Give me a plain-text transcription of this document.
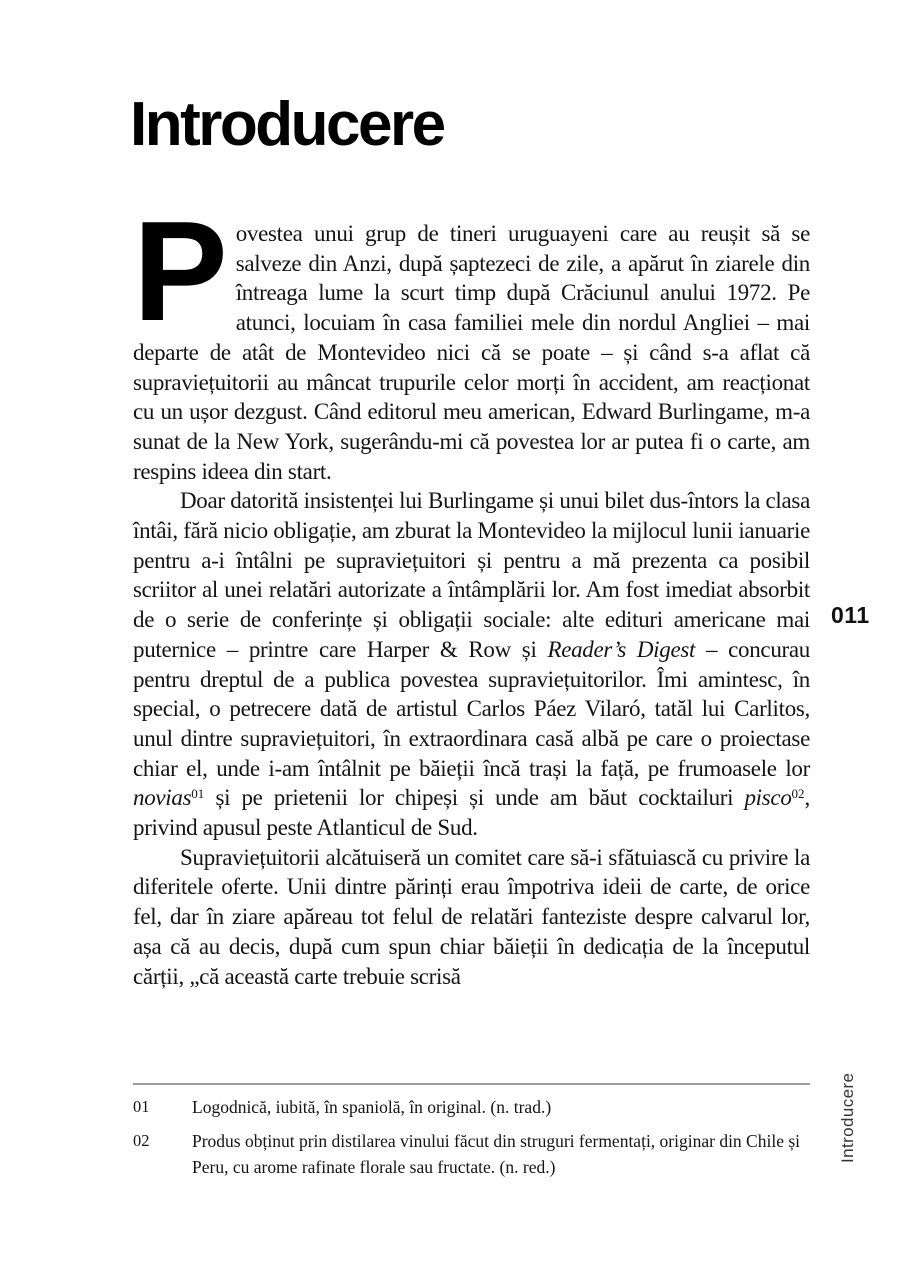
Introducere

Povestea unui grup de tineri uruguayeni care au reușit să se salveze din Anzi, după șaptezeci de zile, a apărut în ziarele din întreaga lume la scurt timp după Crăciunul anului 1972. Pe atunci, locuiam în casa familiei mele din nordul Angliei – mai departe de atât de Montevideo nici că se poate – și când s-a aflat că supraviețuitorii au mâncat trupurile celor morți în accident, am reacționat cu un ușor dezgust. Când editorul meu american, Edward Burlingame, m-a sunat de la New York, sugerându-mi că povestea lor ar putea fi o carte, am respins ideea din start.

Doar datorită insistenței lui Burlingame și unui bilet dus-întors la clasa întâi, fără nicio obligație, am zburat la Montevideo la mijlocul lunii ianuarie pentru a-i întâlni pe supraviețuitori și pentru a mă prezenta ca posibil scriitor al unei relatări autorizate a întâmplării lor. Am fost imediat absorbit de o serie de conferințe și obligații sociale: alte edituri americane mai puternice – printre care Harper & Row și Reader’s Digest – concurau pentru dreptul de a publica povestea supraviețuitorilor. Îmi amintesc, în special, o petrecere dată de artistul Carlos Páez Vilaró, tatăl lui Carlitos, unul dintre supraviețuitori, în extraordinara casă albă pe care o proiectase chiar el, unde i-am întâlnit pe băieții încă trași la față, pe frumoasele lor novias$^{01}$ și pe prietenii lor chipeși și unde am băut cocktailuri pisco$^{02}$, privind apusul peste Atlanticul de Sud.

Supraviețuitorii alcătuiseră un comitet care să-i sfătuiască cu privire la diferitele oferte. Unii dintre părinți erau împotriva ideii de carte, de orice fel, dar în ziare apăreau tot felul de relatări fanteziste despre calvarul lor, așa că au decis, după cum spun chiar băieții în dedicația de la începutul cărții, „că această carte trebuie scrisă

01	Logodnică, iubită, în spaniolă, în original. (n. trad.)
02	Produs obținut prin distilarea vinului făcut din struguri fermentați, originar din Chile și Peru, cu arome rafinate florale sau fructate. (n. red.)
011
Introducere
